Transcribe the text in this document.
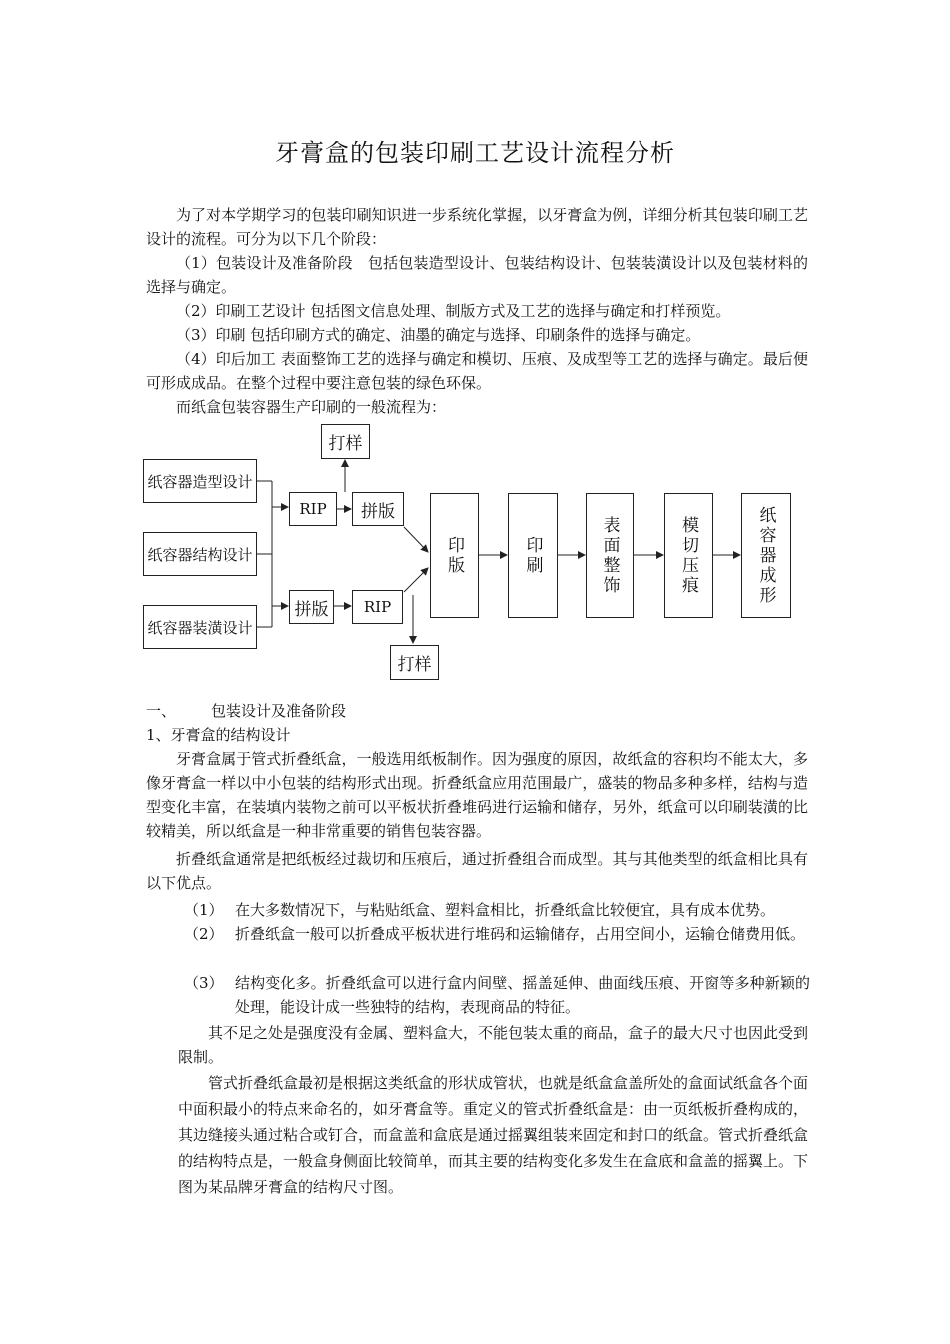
牙膏盒的包装印刷工艺设计流程分析
为了对本学期学习的包装印刷知识进一步系统化掌握，以牙膏盒为例，详细分析其包装印刷工艺设计的流程。可分为以下几个阶段：
（1）包装设计及准备阶段　包括包装造型设计、包装结构设计、包装装潢设计以及包装材料的选择与确定。
（2）印刷工艺设计 包括图文信息处理、制版方式及工艺的选择与确定和打样预览。
（3）印刷 包括印刷方式的确定、油墨的确定与选择、印刷条件的选择与确定。
（4）印后加工 表面整饰工艺的选择与确定和模切、压痕、及成型等工艺的选择与确定。最后便可形成成品。在整个过程中要注意包装的绿色环保。
而纸盒包装容器生产印刷的一般流程为：
纸容器造型设计
纸容器结构设计
纸容器装潢设计
RIP	拼版
打样
拼版	RIP
打样
印版	印刷	表面整饰	模切压痕	纸容器成形
一、 包装设计及准备阶段
1、牙膏盒的结构设计
牙膏盒属于管式折叠纸盒，一般选用纸板制作。因为强度的原因，故纸盒的容积均不能太大，多像牙膏盒一样以中小包装的结构形式出现。折叠纸盒应用范围最广，盛装的物品多种多样，结构与造型变化丰富，在装填内装物之前可以平板状折叠堆码进行运输和储存，另外，纸盒可以印刷装潢的比较精美，所以纸盒是一种非常重要的销售包装容器。
折叠纸盒通常是把纸板经过裁切和压痕后，通过折叠组合而成型。其与其他类型的纸盒相比具有以下优点。
（1） 在大多数情况下，与粘贴纸盒、塑料盒相比，折叠纸盒比较便宜，具有成本优势。
（2） 折叠纸盒一般可以折叠成平板状进行堆码和运输储存，占用空间小，运输仓储费用低。
（3） 结构变化多。折叠纸盒可以进行盒内间壁、摇盖延伸、曲面线压痕、开窗等多种新颖的处理，能设计成一些独特的结构，表现商品的特征。
其不足之处是强度没有金属、塑料盒大，不能包装太重的商品，盒子的最大尺寸也因此受到限制。
管式折叠纸盒最初是根据这类纸盒的形状成管状，也就是纸盒盒盖所处的盒面试纸盒各个面中面积最小的特点来命名的，如牙膏盒等。重定义的管式折叠纸盒是：由一页纸板折叠构成的，其边缝接头通过粘合或钉合，而盒盖和盒底是通过摇翼组装来固定和封口的纸盒。管式折叠纸盒的结构特点是，一般盒身侧面比较简单，而其主要的结构变化多发生在盒底和盒盖的摇翼上。下图为某品牌牙膏盒的结构尺寸图。
